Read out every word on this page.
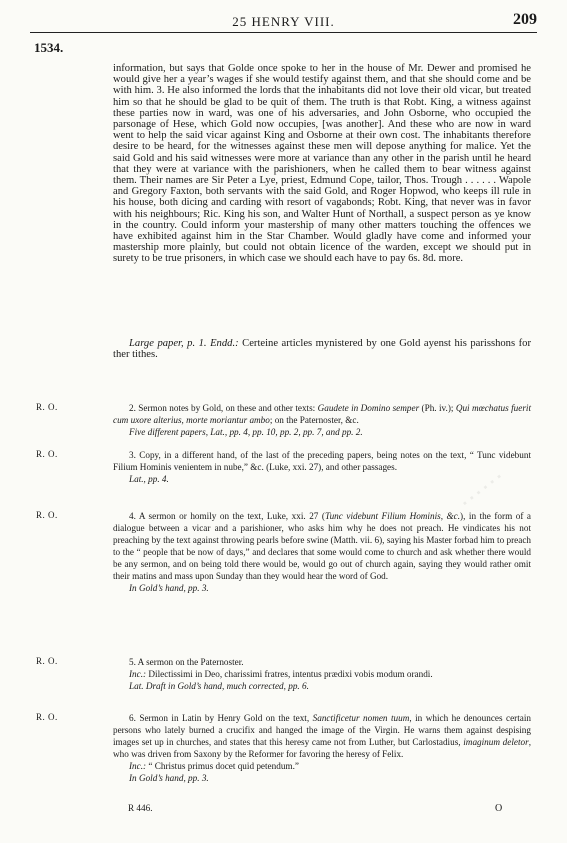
25 HENRY VIII.	209
1534.

information, but says that Golde once spoke to her in the house of Mr. Dewer and promised he would give her a year’s wages if she would testify against them, and that she should come and be with him. 3. He also informed the lords that the inhabitants did not love their old vicar, but treated him so that he should be glad to be quit of them. The truth is that Robt. King, a witness against these parties now in ward, was one of his adversaries, and John Osborne, who occupied the parsonage of Hese, which Gold now occupies, [was another]. And these who are now in ward went to help the said vicar against King and Osborne at their own cost. The inhabitants therefore desire to be heard, for the witnesses against these men will depose anything for malice. Yet the said Gold and his said witnesses were more at variance than any other in the parish until he heard that they were at variance with the parishioners, when he called them to bear witness against them. Their names are Sir Peter a Lye, priest, Edmund Cope, tailor, Thos. Trough . . . . . . Wapole and Gregory Faxton, both servants with the said Gold, and Roger Hopwod, who keeps ill rule in his house, both dicing and carding with resort of vagabonds; Robt. King, that never was in favor with his neighbours; Ric. King his son, and Walter Hunt of Northall, a suspect person as ye know in the country. Could inform your mastership of many other matters touching the offences we have exhibited against him in the Star Chamber. Would gladly have come and informed your mastership more plainly, but could not obtain licence of the warden, except we should put in surety to be true prisoners, in which case we should each have to pay 6s. 8d. more.

Large paper, p. 1. Endd.: Certeine articles mynistered by one Gold ayenst his parisshons for ther tithes.

R. O.	2. Sermon notes by Gold, on these and other texts: Gaudete in Domino semper (Ph. iv.); Qui mœchatus fuerit cum uxore alterius, morte moriantur ambo; on the Paternoster, &c.

Five different papers, Lat., pp. 4, pp. 10, pp. 2, pp. 7, and pp. 2.

R. O.	3. Copy, in a different hand, of the last of the preceding papers, being notes on the text, “ Tunc videbunt Filium Hominis venientem in nube,” &c. (Luke, xxi. 27), and other passages.

Lat., pp. 4.

R. O.	4. A sermon or homily on the text, Luke, xxi. 27 (Tunc videbunt Filium Hominis, &c.), in the form of a dialogue between a vicar and a parishioner, who asks him why he does not preach. He vindicates his not preaching by the text against throwing pearls before swine (Matth. vii. 6), saying his Master forbad him to preach to the “ people that be now of days,” and declares that some would come to church and ask whether there would be any sermon, and on being told there would be, would go out of church again, saying they would rather omit their matins and mass upon Sunday than they would hear the word of God.

In Gold’s hand, pp. 3.

R. O.	5. A sermon on the Paternoster.

Inc.: Dilectissimi in Deo, charissimi fratres, intentus prædixi vobis modum orandi.

Lat. Draft in Gold’s hand, much corrected, pp. 6.

R. O.	6. Sermon in Latin by Henry Gold on the text, Sanctificetur nomen tuum, in which he denounces certain persons who lately burned a crucifix and hanged the image of the Virgin. He warns them against despising images set up in churches, and states that this heresy came not from Luther, but Carlostadius, imaginum deletor, who was driven from Saxony by the Reformer for favoring the heresy of Felix.

Inc.: “ Christus primus docet quid petendum.”

In Gold’s hand, pp. 3.

R 446.	O
▪ ▪ ▪ ▪ ▪ ▪
▪ ▪ ▪ ▪ ▪ ▪
